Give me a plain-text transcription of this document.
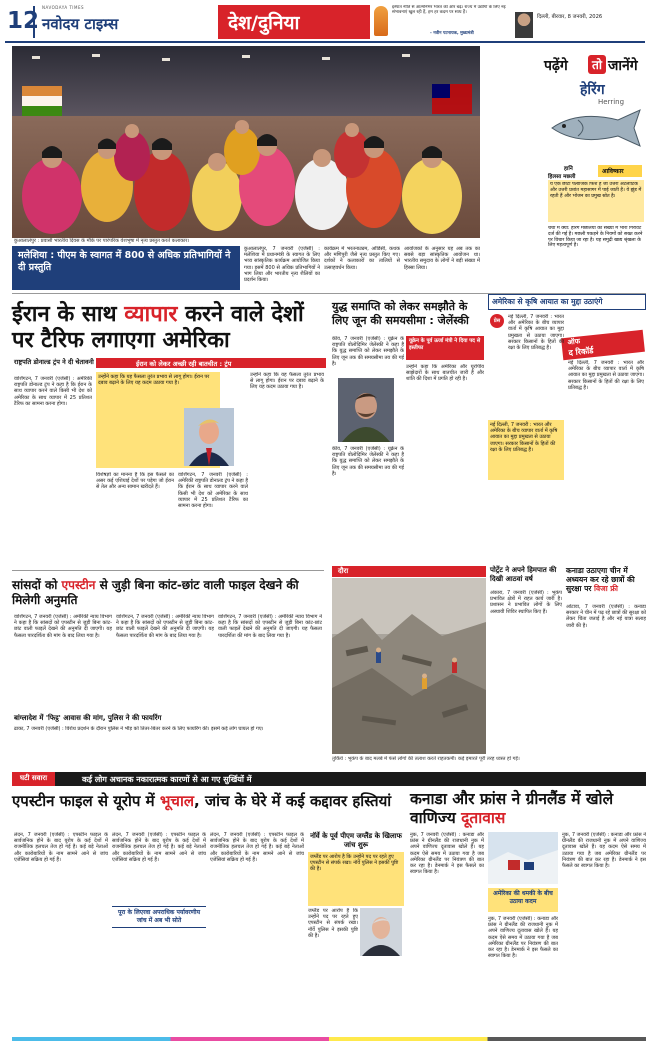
12
NAVODAYA TIMES
नवोदय टाइम्स	देश/दुनिया
इस्पात नीति से आत्मनिर्भर भारत की ओर बढ़ें। राज्य में उद्योगों के लिए नई संभावनाएं खुल रही हैं, हम हर कदम पर साथ हैं।
- नवीन पटनायक, मुख्यमंत्री
दिल्ली, बीरवार, 8 जनवरी, 2026
कुआलालंपुर : प्रवासी भारतीय दिवस के मौके पर पारंपरिक वेशभूषा में नृत्य प्रस्तुत करते कलाकार।
पढ़ेंगे	तो जानेंगे
हेरिंग
Herring
हानि
हिलसा मछली
आविष्कार
ये एक छोटी पेलाजिक फिश है जो उत्तरी अटलांटिक और उत्तरी प्रशांत महासागर में पाई जाती है। ये झुंड में रहती हैं और भोजन का प्रमुख स्रोत है।
चर्चा में क्यों: हेरिंग मछलियों की संख्या में भारी गिरावट दर्ज की गई है। मछली पकड़ने के नियमों को सख्त करने पर विचार किया जा रहा है। यह समुद्री खाद्य श्रृंखला के लिए महत्वपूर्ण है।
मलेशिया : पीएम के स्वागत में 800 से अधिक प्रतिभागियों ने दी प्रस्तुति
कुआलालंपुर, 7 जनवरी (एजेंसी) : मलेशिया में प्रधानमंत्री के स्वागत के लिए भव्य सांस्कृतिक कार्यक्रम आयोजित किया गया। इसमें 800 से अधिक प्रतिभागियों ने भाग लिया और भारतीय नृत्य शैलियों का प्रदर्शन किया।
कार्यक्रम में भरतनाट्यम, ओडिसी, कथक और मणिपुरी जैसे नृत्य प्रस्तुत किए गए। दर्शकों ने कलाकारों का तालियों से उत्साहवर्धन किया।
आयोजकों के अनुसार यह अब तक का सबसे बड़ा सांस्कृतिक आयोजन था। भारतीय समुदाय के लोगों ने बड़ी संख्या में हिस्सा लिया।
ईरान के साथ व्यापार करने वाले देशों पर टैरिफ लगाएगा अमेरिका
राष्ट्रपति डोनाल्ड ट्रंप ने दी चेतावनी	ईरान को लेकर अच्छी रही बातचीत : ट्रंप
वाशिंगटन, 7 जनवरी (एजेंसी) : अमेरिकी राष्ट्रपति डोनाल्ड ट्रंप ने कहा है कि ईरान के साथ व्यापार करने वाले किसी भी देश को अमेरिका के साथ व्यापार में 25 प्रतिशत टैरिफ का सामना करना होगा।
उन्होंने कहा कि यह फैसला तुरंत प्रभाव से लागू होगा। ईरान पर दबाव बढ़ाने के लिए यह कदम उठाया गया है।
विशेषज्ञों का मानना है कि इस फैसले का असर कई एशियाई देशों पर पड़ेगा जो ईरान से तेल और अन्य सामान खरीदते हैं।
वाशिंगटन, 7 जनवरी (एजेंसी) : अमेरिकी राष्ट्रपति डोनाल्ड ट्रंप ने कहा है कि ईरान के साथ व्यापार करने वाले किसी भी देश को अमेरिका के साथ व्यापार में 25 प्रतिशत टैरिफ का सामना करना होगा।
उन्होंने कहा कि यह फैसला तुरंत प्रभाव से लागू होगा। ईरान पर दबाव बढ़ाने के लिए यह कदम उठाया गया है।
युद्ध समाप्ति को लेकर समझौते के लिए जून की समयसीमा : जेलेंस्की
कीव, 7 जनवरी (एजेंसी) : यूक्रेन के राष्ट्रपति वोलोदिमिर जेलेंस्की ने कहा है कि युद्ध समाप्ति को लेकर समझौते के लिए जून तक की समयसीमा तय की गई है।
यूक्रेन के पूर्व ऊर्जा मंत्री ने दिया पद से इस्तीफा
उन्होंने कहा कि अमेरिका और यूरोपीय साझेदारों के साथ बातचीत जारी है और शांति की दिशा में प्रगति हो रही है।
कीव, 7 जनवरी (एजेंसी) : यूक्रेन के राष्ट्रपति वोलोदिमिर जेलेंस्की ने कहा है कि युद्ध समाप्ति को लेकर समझौते के लिए जून तक की समयसीमा तय की गई है।
अमेरिका से कृषि आयात का मुद्दा उठाएंगे
प्रेस
ऑफ
द रिकॉर्ड
नई दिल्ली, 7 जनवरी : भारत और अमेरिका के बीच व्यापार वार्ता में कृषि आयात का मुद्दा प्रमुखता से उठाया जाएगा। सरकार किसानों के हितों की रक्षा के लिए प्रतिबद्ध है।
नई दिल्ली, 7 जनवरी : भारत और अमेरिका के बीच व्यापार वार्ता में कृषि आयात का मुद्दा प्रमुखता से उठाया जाएगा। सरकार किसानों के हितों की रक्षा के लिए प्रतिबद्ध है।
नई दिल्ली, 7 जनवरी : भारत और अमेरिका के बीच व्यापार वार्ता में कृषि आयात का मुद्दा प्रमुखता से उठाया जाएगा। सरकार किसानों के हितों की रक्षा के लिए प्रतिबद्ध है।
सांसदों को एपस्टीन से जुड़ी बिना कांट-छांट वाली फाइल देखने की मिलेगी अनुमति
वाशिंगटन, 7 जनवरी (एजेंसी) : अमेरिकी न्याय विभाग ने कहा है कि सांसदों को एपस्टीन से जुड़ी बिना कांट-छांट वाली फाइलें देखने की अनुमति दी जाएगी। यह फैसला पारदर्शिता की मांग के बाद लिया गया है।
वाशिंगटन, 7 जनवरी (एजेंसी) : अमेरिकी न्याय विभाग ने कहा है कि सांसदों को एपस्टीन से जुड़ी बिना कांट-छांट वाली फाइलें देखने की अनुमति दी जाएगी। यह फैसला पारदर्शिता की मांग के बाद लिया गया है।
वाशिंगटन, 7 जनवरी (एजेंसी) : अमेरिकी न्याय विभाग ने कहा है कि सांसदों को एपस्टीन से जुड़ी बिना कांट-छांट वाली फाइलें देखने की अनुमति दी जाएगी। यह फैसला पारदर्शिता की मांग के बाद लिया गया है।
बांग्लादेश में 'फिट्ठ' आवास की मांग, पुलिस ने की फायरिंग
ढाका, 7 जनवरी (एजेंसी) : विरोध प्रदर्शन के दौरान पुलिस ने भीड़ को तितर-बितर करने के लिए फायरिंग की। इसमें कई लोग घायल हो गए।
दौरा	पोर्ट्रेट ने अपने हिमपात की दिखी आठवां वर्ष
अंकारा, 7 जनवरी (एजेंसी) : भूकंप प्रभावित क्षेत्रों में राहत कार्य जारी है। प्रशासन ने प्रभावित लोगों के लिए अस्थायी शिविर स्थापित किए हैं।
कनाडा उठाएगा चीन में अध्ययन कर रहे छात्रों की सुरक्षा पर विजा फ्री
ओटावा, 7 जनवरी (एजेंसी) : कनाडा सरकार ने चीन में पढ़ रहे छात्रों की सुरक्षा को लेकर चिंता जताई है और नई यात्रा सलाह जारी की है।
तुर्किये : भूकंप के बाद मलबे में फंसे लोगों की तलाश करते राहतकर्मी। कई इमारतें पूरी तरह ध्वस्त हो गईं।
घटी सवारा	कई लोग अचानक नकारात्मक कारणों से आ गए सुर्खियों में
एपस्टीन फाइल से यूरोप में भूचाल, जांच के घेरे में कई कद्दावर हस्तियां
लंदन, 7 जनवरी (एजेंसी) : एपस्टीन फाइल के सार्वजनिक होने के बाद यूरोप के कई देशों में राजनीतिक हलचल तेज हो गई है। कई बड़े नेताओं और कारोबारियों के नाम सामने आने से जांच एजेंसियां सक्रिय हो गई हैं।
लंदन, 7 जनवरी (एजेंसी) : एपस्टीन फाइल के सार्वजनिक होने के बाद यूरोप के कई देशों में राजनीतिक हलचल तेज हो गई है। कई बड़े नेताओं और कारोबारियों के नाम सामने आने से जांच एजेंसियां सक्रिय हो गई हैं।
पूरा के लिएरवा अपराधिक पर्यावरणीय जांच में अब भी सोते
लंदन, 7 जनवरी (एजेंसी) : एपस्टीन फाइल के सार्वजनिक होने के बाद यूरोप के कई देशों में राजनीतिक हलचल तेज हो गई है। कई बड़े नेताओं और कारोबारियों के नाम सामने आने से जांच एजेंसियां सक्रिय हो गई हैं।
नॉर्वे के पूर्व पीएम जग्लैंड के खिलाफ जांच शुरू
जग्लैंड पर आरोप है कि उन्होंने पद पर रहते हुए एपस्टीन से संपर्क रखा। नॉर्वे पुलिस ने इसकी पुष्टि की है।
जग्लैंड पर आरोप है कि उन्होंने पद पर रहते हुए एपस्टीन से संपर्क रखा। नॉर्वे पुलिस ने इसकी पुष्टि की है।
कनाडा और फ्रांस ने ग्रीनलैंड में खोले वाणिज्य दूतावास
नुक, 7 जनवरी (एजेंसी) : कनाडा और फ्रांस ने ग्रीनलैंड की राजधानी नुक में अपने वाणिज्य दूतावास खोले हैं। यह कदम ऐसे समय में उठाया गया है जब अमेरिका ग्रीनलैंड पर नियंत्रण की बात कर रहा है। डेनमार्क ने इस फैसले का स्वागत किया है।
अमेरिका की धमकी के बीच उठाया कदम
नुक, 7 जनवरी (एजेंसी) : कनाडा और फ्रांस ने ग्रीनलैंड की राजधानी नुक में अपने वाणिज्य दूतावास खोले हैं। यह कदम ऐसे समय में उठाया गया है जब अमेरिका ग्रीनलैंड पर नियंत्रण की बात कर रहा है। डेनमार्क ने इस फैसले का स्वागत किया है।
नुक, 7 जनवरी (एजेंसी) : कनाडा और फ्रांस ने ग्रीनलैंड की राजधानी नुक में अपने वाणिज्य दूतावास खोले हैं। यह कदम ऐसे समय में उठाया गया है जब अमेरिका ग्रीनलैंड पर नियंत्रण की बात कर रहा है। डेनमार्क ने इस फैसले का स्वागत किया है।
